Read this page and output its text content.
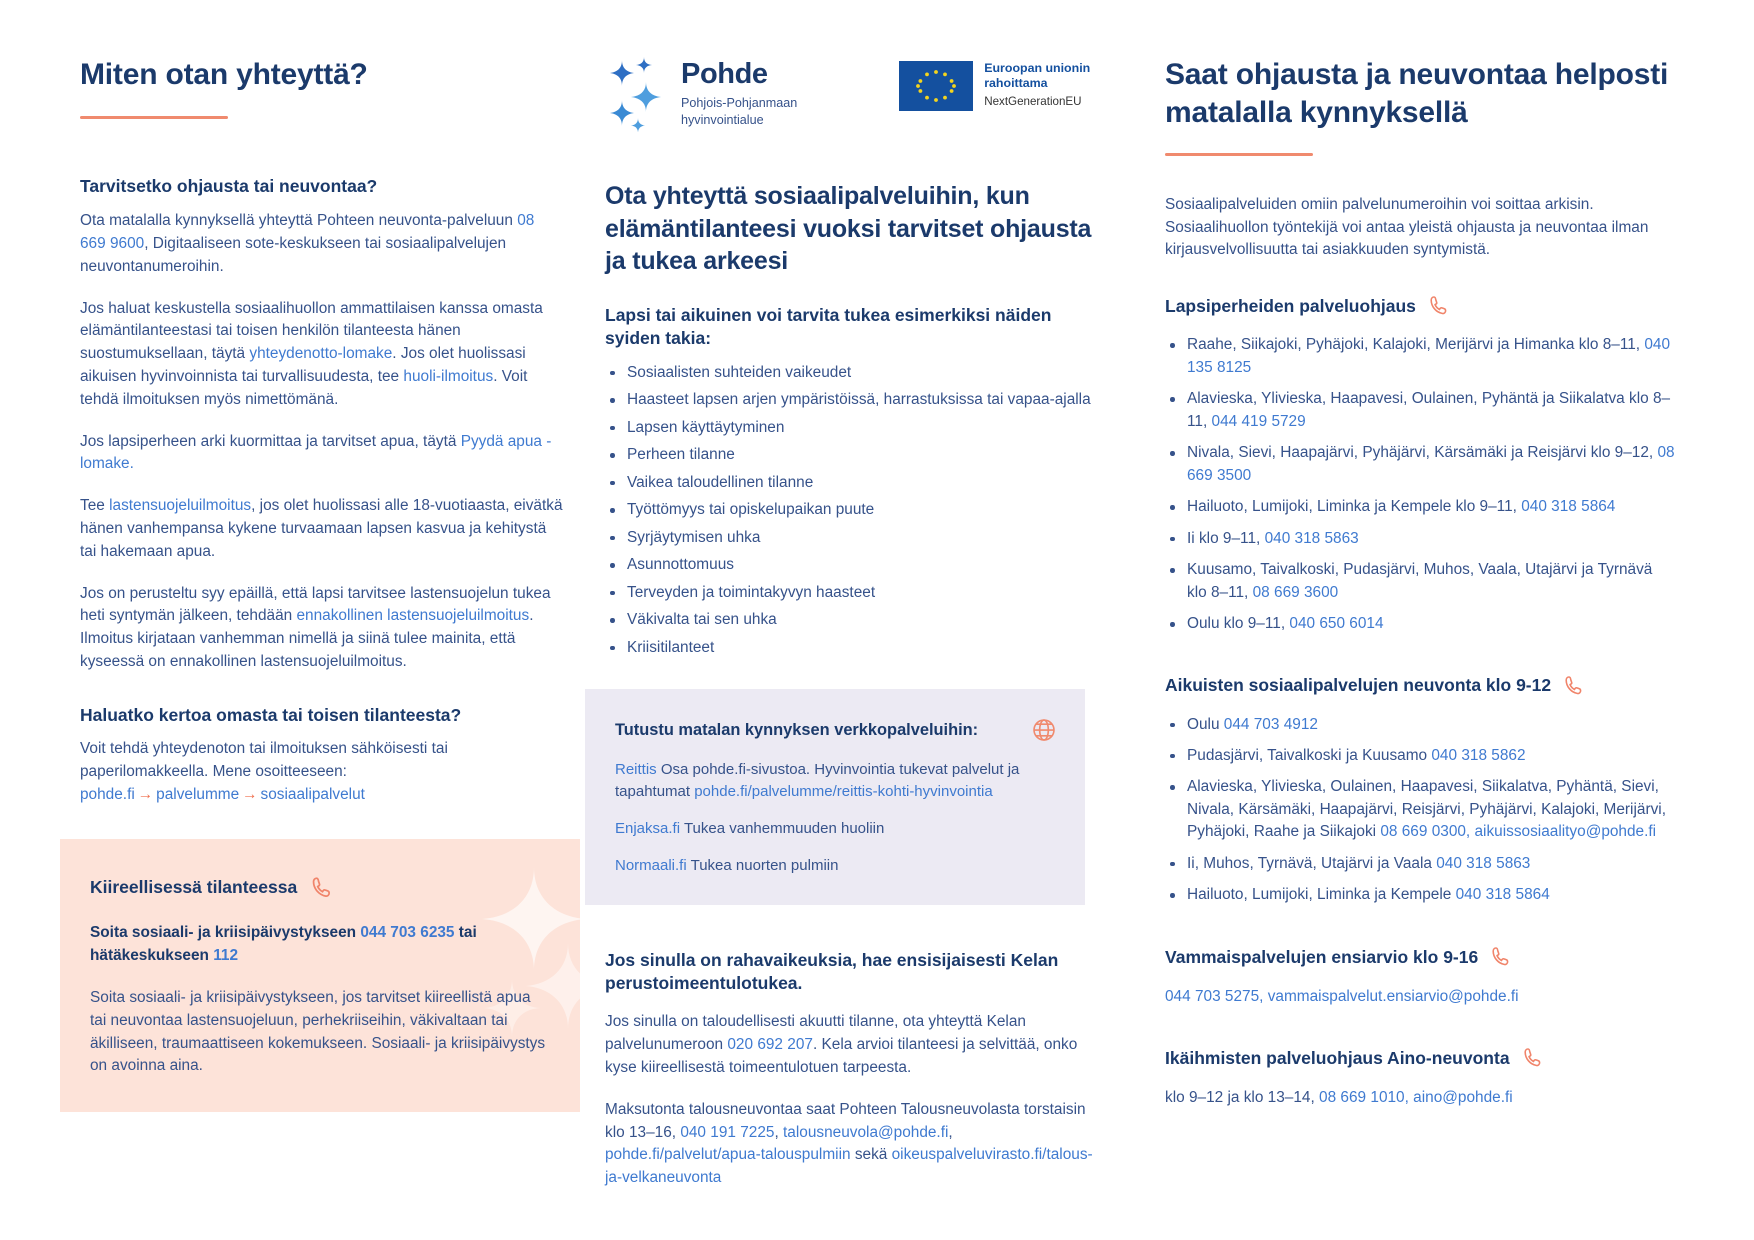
Miten otan yhteyttä?
Tarvitsetko ohjausta tai neuvontaa?

Ota matalalla kynnyksellä yhteyttä Pohteen neuvonta-palveluun 08 669 9600, Digitaaliseen sote-keskukseen tai sosiaalipalvelujen neuvontanumeroihin.

Jos haluat keskustella sosiaalihuollon ammattilaisen kanssa omasta elämäntilanteestasi tai toisen henkilön tilanteesta hänen suostumuksellaan, täytä yhteydenotto-lomake. Jos olet huolissasi aikuisen hyvinvoinnista tai turvallisuudesta, tee huoli-ilmoitus. Voit tehdä ilmoituksen myös nimettömänä.

Jos lapsiperheen arki kuormittaa ja tarvitset apua, täytä Pyydä apua -lomake.

Tee lastensuojeluilmoitus, jos olet huolissasi alle 18-vuotiaasta, eivätkä hänen vanhempansa kykene turvaamaan lapsen kasvua ja kehitystä tai hakemaan apua.

Jos on perusteltu syy epäillä, että lapsi tarvitsee lastensuojelun tukea heti syntymän jälkeen, tehdään ennakollinen lastensuojeluilmoitus. Ilmoitus kirjataan vanhemman nimellä ja siinä tulee mainita, että kyseessä on ennakollinen lastensuojeluilmoitus.

Haluatko kertoa omasta tai toisen tilanteesta?

Voit tehdä yhteydenoton tai ilmoituksen sähköisesti tai paperilomakkeella. Mene osoitteeseen:
pohde.fi → palvelumme → sosiaalipalvelut

Kiireellisessä tilanteessa

Soita sosiaali- ja kriisipäivystykseen 044 703 6235 tai hätäkeskukseen 112

Soita sosiaali- ja kriisipäivystykseen, jos tarvitset kiireellistä apua tai neuvontaa lastensuojeluun, perhekriiseihin, väkivaltaan tai äkilliseen, traumaattiseen kokemukseen. Sosiaali- ja kriisipäivystys on avoinna aina.

Pohde
Pohjois-Pohjanmaan
hyvinvointialue
Euroopan unionin
rahoittama
NextGenerationEU
Ota yhteyttä sosiaalipalveluihin, kun elämäntilanteesi vuoksi tarvitset ohjausta ja tukea arkeesi
Lapsi tai aikuinen voi tarvita tukea esimerkiksi näiden syiden takia:
Sosiaalisten suhteiden vaikeudet
Haasteet lapsen arjen ympäristöissä, harrastuksissa tai vapaa-ajalla
Lapsen käyttäytyminen
Perheen tilanne
Vaikea taloudellinen tilanne
Työttömyys tai opiskelupaikan puute
Syrjäytymisen uhka
Asunnottomuus
Terveyden ja toimintakyvyn haasteet
Väkivalta tai sen uhka
Kriisitilanteet
Tutustu matalan kynnyksen verkkopalveluihin:

Reittis Osa pohde.fi-sivustoa. Hyvinvointia tukevat palvelut ja tapahtumat pohde.fi/palvelumme/reittis-kohti-hyvinvointia

Enjaksa.fi Tukea vanhemmuuden huoliin

Normaali.fi Tukea nuorten pulmiin

Jos sinulla on rahavaikeuksia, hae ensisijaisesti Kelan perustoimeentulotukea.

Jos sinulla on taloudellisesti akuutti tilanne, ota yhteyttä Kelan palvelunumeroon 020 692 207. Kela arvioi tilanteesi ja selvittää, onko kyse kiireellisestä toimeentulotuen tarpeesta.

Maksutonta talousneuvontaa saat Pohteen Talousneuvolasta torstaisin klo 13–16, 040 191 7225, talousneuvola@pohde.fi, pohde.fi/palvelut/apua-talouspulmiin sekä oikeuspalveluvirasto.fi/talous-ja-velkaneuvonta

Saat ohjausta ja neuvontaa helposti matalalla kynnyksellä

Sosiaalipalveluiden omiin palvelunumeroihin voi soittaa arkisin. Sosiaalihuollon työntekijä voi antaa yleistä ohjausta ja neuvontaa ilman kirjausvelvollisuutta tai asiakkuuden syntymistä.

Lapsiperheiden palveluohjaus
Raahe, Siikajoki, Pyhäjoki, Kalajoki, Merijärvi ja Himanka klo 8–11, 040 135 8125
Alavieska, Ylivieska, Haapavesi, Oulainen, Pyhäntä ja Siikalatva klo 8–11, 044 419 5729
Nivala, Sievi, Haapajärvi, Pyhäjärvi, Kärsämäki ja Reisjärvi klo 9–12, 08 669 3500
Hailuoto, Lumijoki, Liminka ja Kempele klo 9–11, 040 318 5864
Ii klo 9–11, 040 318 5863
Kuusamo, Taivalkoski, Pudasjärvi, Muhos, Vaala, Utajärvi ja Tyrnävä klo 8–11, 08 669 3600
Oulu klo 9–11, 040 650 6014
Aikuisten sosiaalipalvelujen neuvonta klo 9-12
Oulu 044 703 4912
Pudasjärvi, Taivalkoski ja Kuusamo 040 318 5862
Alavieska, Ylivieska, Oulainen, Haapavesi, Siikalatva, Pyhäntä, Sievi, Nivala, Kärsämäki, Haapajärvi, Reisjärvi, Pyhäjärvi, Kalajoki, Merijärvi, Pyhäjoki, Raahe ja Siikajoki 08 669 0300, aikuissosiaalityo@pohde.fi
Ii, Muhos, Tyrnävä, Utajärvi ja Vaala 040 318 5863
Hailuoto, Lumijoki, Liminka ja Kempele 040 318 5864
Vammaispalvelujen ensiarvio klo 9-16

044 703 5275, vammaispalvelut.ensiarvio@pohde.fi

Ikäihmisten palveluohjaus Aino-neuvonta

klo 9–12 ja klo 13–14, 08 669 1010, aino@pohde.fi
